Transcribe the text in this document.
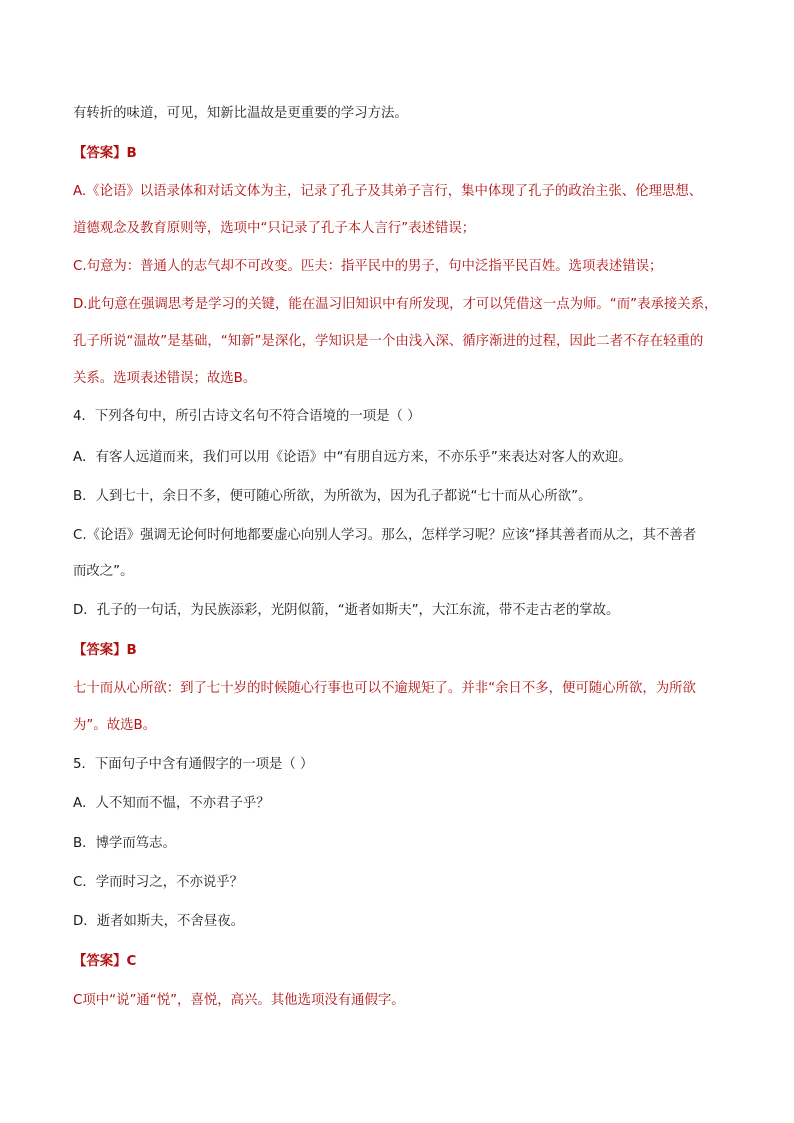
有转折的味道，可见，知新比温故是更重要的学习方法。
【答案】B
A.《论语》以语录体和对话文体为主，记录了孔子及其弟子言行，集中体现了孔子的政治主张、伦理思想、
道德观念及教育原则等，选项中“只记录了孔子本人言行”表述错误；
C.句意为：普通人的志气却不可改变。匹夫：指平民中的男子，句中泛指平民百姓。选项表述错误；
D.此句意在强调思考是学习的关键，能在温习旧知识中有所发现，才可以凭借这一点为师。“而”表承接关系，
孔子所说“温故”是基础，“知新”是深化，学知识是一个由浅入深、循序渐进的过程，因此二者不存在轻重的
关系。选项表述错误；故选B。
4．下列各句中，所引古诗文名句不符合语境的一项是（ ）
A．有客人远道而来，我们可以用《论语》中“有朋自远方来，不亦乐乎”来表达对客人的欢迎。
B．人到七十，余日不多，便可随心所欲，为所欲为，因为孔子都说“七十而从心所欲”。
C.《论语》强调无论何时何地都要虚心向别人学习。那么，怎样学习呢？应该“择其善者而从之，其不善者
而改之”。
D．孔子的一句话，为民族添彩，光阴似箭，“逝者如斯夫”，大江东流，带不走古老的掌故。
【答案】B
七十而从心所欲：到了七十岁的时候随心行事也可以不逾规矩了。并非“余日不多，便可随心所欲，为所欲
为”。故选B。
5．下面句子中含有通假字的一项是（ ）
A．人不知而不愠，不亦君子乎？
B．博学而笃志。
C．学而时习之，不亦说乎？
D．逝者如斯夫，不舍昼夜。
【答案】C
C项中“说”通“悦”，喜悦，高兴。其他选项没有通假字。
